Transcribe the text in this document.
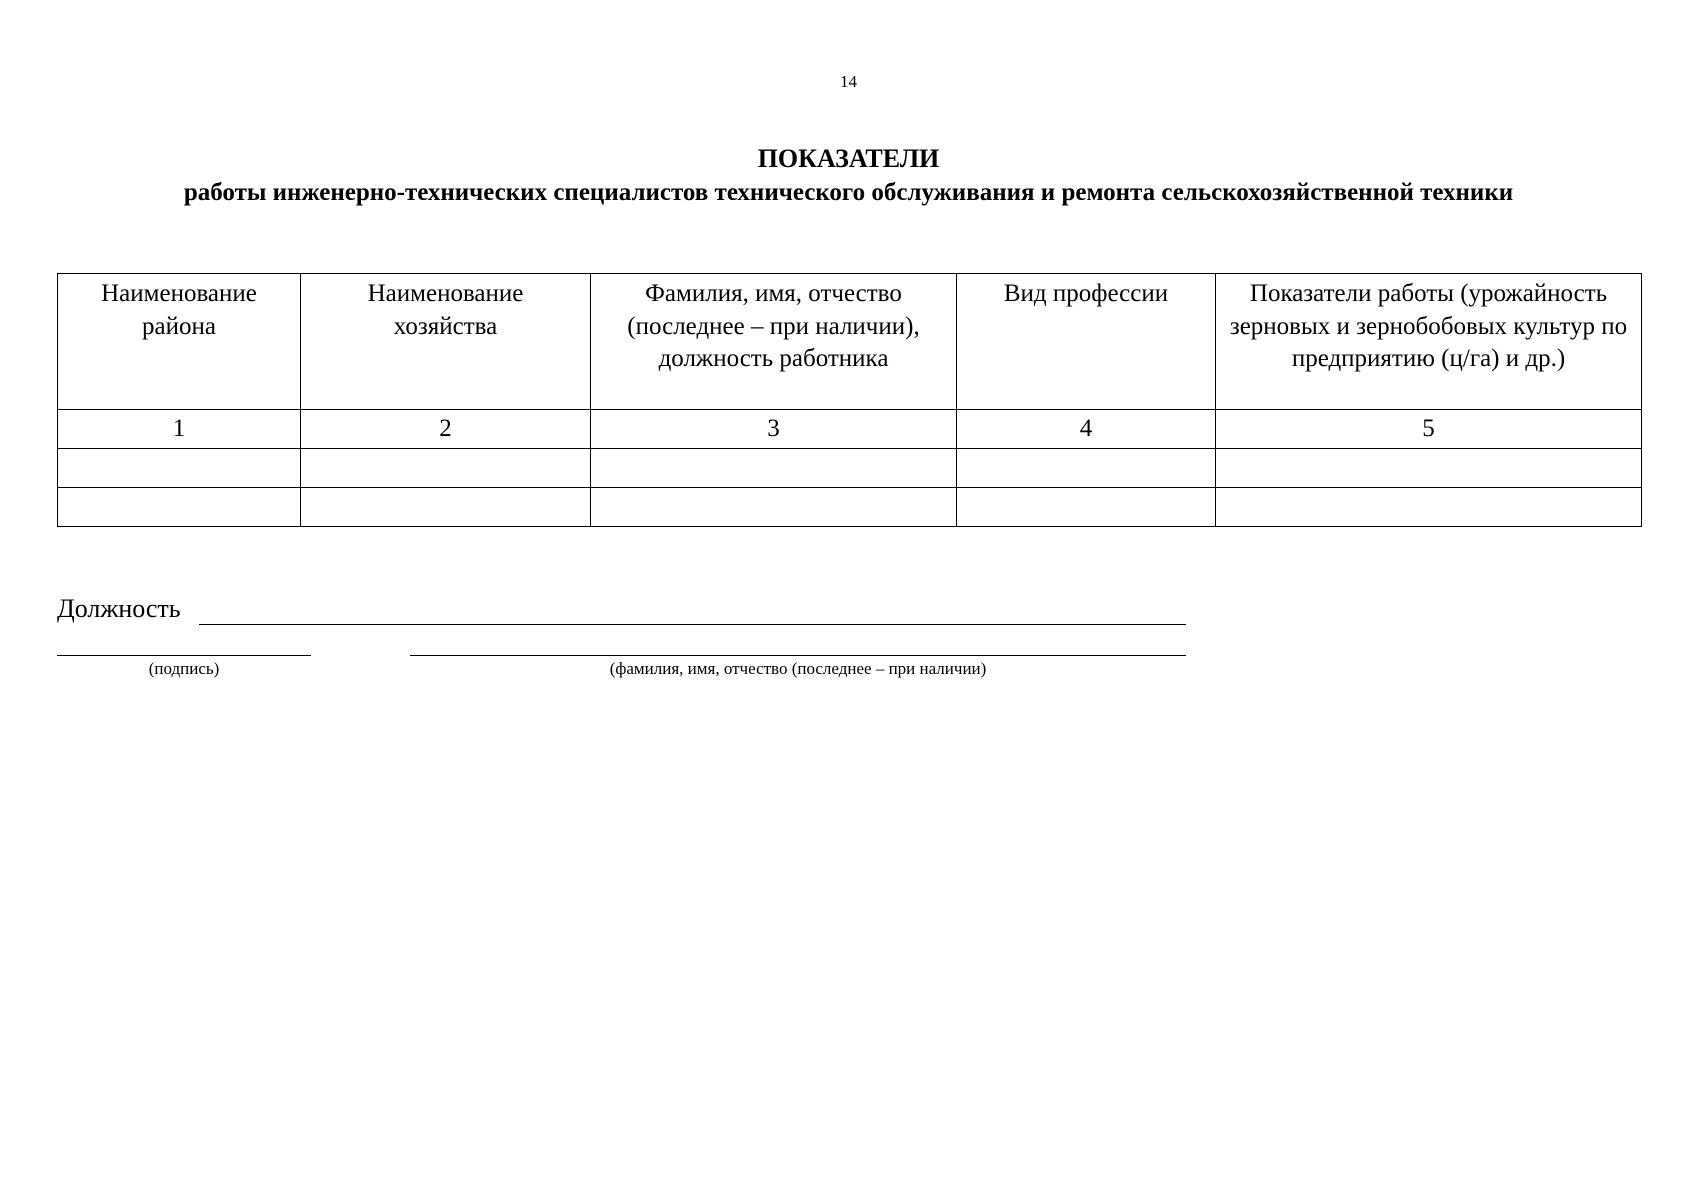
14
ПОКАЗАТЕЛИ
работы инженерно-технических специалистов технического обслуживания и ремонта сельскохозяйственной техники
Наименование района	Наименование хозяйства	Фамилия, имя, отчество (последнее – при наличии), должность работника	Вид профессии	Показатели работы (урожайность зерновых и зернобобовых культур по предприятию (ц/га) и др.)

1	2	3	4	5

Должность
(подпись)	(фамилия, имя, отчество (последнее – при наличии)
